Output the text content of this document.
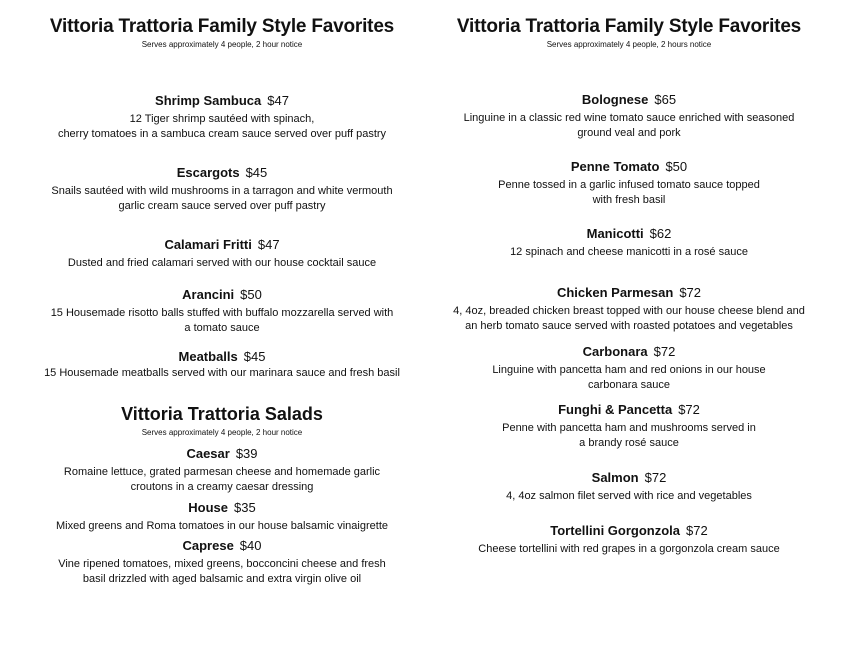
Vittoria Trattoria Family Style Favorites
Serves approximately 4 people, 2 hour notice
Shrimp Sambuca $47
12 Tiger shrimp sautéed with spinach,
cherry tomatoes in a sambuca cream sauce served over puff pastry
Escargots $45
Snails sautéed with wild mushrooms in a tarragon and white vermouth
garlic cream sauce served over puff pastry
Calamari Fritti $47
Dusted and fried calamari served with our house cocktail sauce
Arancini $50
15 Housemade risotto balls stuffed with buffalo mozzarella served with
a tomato sauce
Meatballs $45
15 Housemade meatballs served with our marinara sauce and fresh basil
Vittoria Trattoria Salads
Serves approximately 4 people, 2 hour notice
Caesar $39
Romaine lettuce, grated parmesan cheese and homemade garlic
croutons in a creamy caesar dressing
House $35
Mixed greens and Roma tomatoes in our house balsamic vinaigrette
Caprese $40
Vine ripened tomatoes, mixed greens, bocconcini cheese and fresh
basil drizzled with aged balsamic and extra virgin olive oil
Vittoria Trattoria Family Style Favorites
Serves approximately 4 people, 2 hours notice
Bolognese $65
Linguine in a classic red wine tomato sauce enriched with seasoned
ground veal and pork
Penne Tomato $50
Penne tossed in a garlic infused tomato sauce topped
with fresh basil
Manicotti $62
12 spinach and cheese manicotti in a rosé sauce
Chicken Parmesan $72
4, 4oz, breaded chicken breast topped with our house cheese blend and
an herb tomato sauce served with roasted potatoes and vegetables
Carbonara $72
Linguine with pancetta ham and red onions in our house
carbonara sauce
Funghi & Pancetta $72
Penne with pancetta ham and mushrooms served in
a brandy rosé sauce
Salmon $72
4, 4oz salmon filet served with rice and vegetables
Tortellini Gorgonzola $72
Cheese tortellini with red grapes in a gorgonzola cream sauce
